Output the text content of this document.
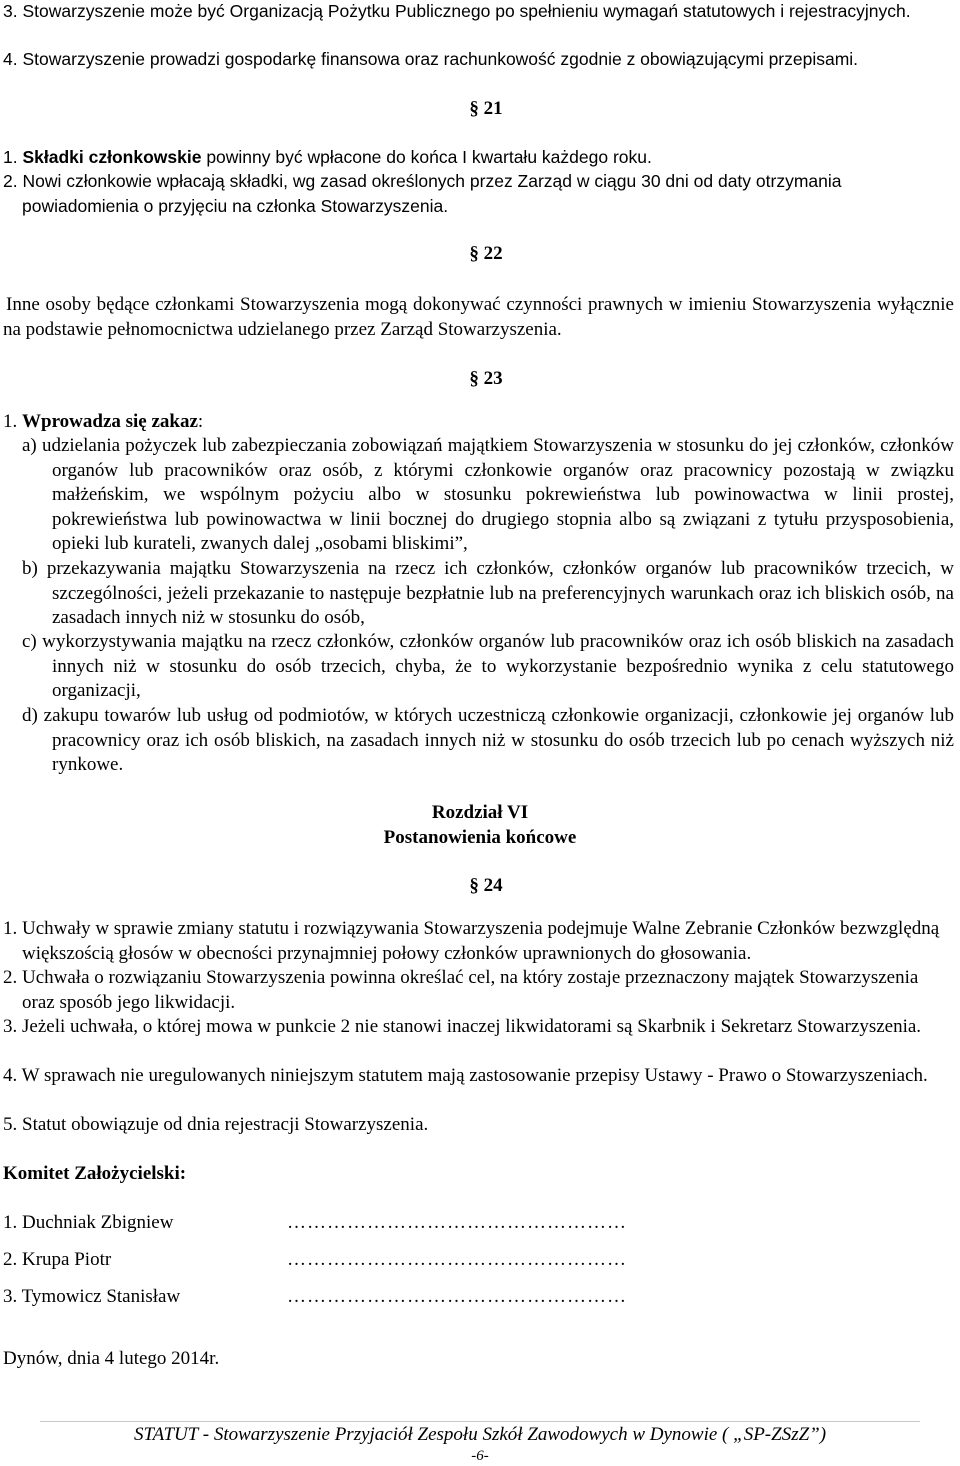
3. Stowarzyszenie może być Organizacją Pożytku Publicznego po spełnieniu wymagań statutowych i rejestracyjnych.
4. Stowarzyszenie prowadzi gospodarkę finansowa oraz rachunkowość zgodnie z obowiązującymi przepisami.
§ 21
1. Składki członkowskie powinny być wpłacone do końca I kwartału każdego roku.
2. Nowi członkowie wpłacają składki, wg zasad określonych przez Zarząd w ciągu 30 dni od daty otrzymania powiadomienia o przyjęciu na członka Stowarzyszenia.
§ 22
Inne osoby będące członkami Stowarzyszenia mogą dokonywać czynności prawnych w imieniu Stowarzyszenia wyłącznie na podstawie pełnomocnictwa udzielanego przez Zarząd Stowarzyszenia.
§ 23
1. Wprowadza się zakaz:
a) udzielania pożyczek lub zabezpieczania zobowiązań majątkiem Stowarzyszenia w stosunku do jej członków, członków organów lub pracowników oraz osób, z którymi członkowie organów oraz pracownicy pozostają w związku małżeńskim, we wspólnym pożyciu albo w stosunku pokrewieństwa lub powinowactwa w linii prostej, pokrewieństwa lub powinowactwa w linii bocznej do drugiego stopnia albo są związani z tytułu przysposobienia, opieki lub kurateli, zwanych dalej „osobami bliskimi”,
b) przekazywania majątku Stowarzyszenia na rzecz ich członków, członków organów lub pracowników trzecich, w szczególności, jeżeli przekazanie to następuje bezpłatnie lub na preferencyjnych warunkach oraz ich bliskich osób, na zasadach innych niż w stosunku do osób,
c) wykorzystywania majątku na rzecz członków, członków organów lub pracowników oraz ich osób bliskich na zasadach innych niż w stosunku do osób trzecich, chyba, że to wykorzystanie bezpośrednio wynika z celu statutowego organizacji,
d) zakupu towarów lub usług od podmiotów, w których uczestniczą członkowie organizacji, członkowie jej organów lub pracownicy oraz ich osób bliskich, na zasadach innych niż w stosunku do osób trzecich lub po cenach wyższych niż rynkowe.
Rozdział VI
Postanowienia końcowe
§ 24
1. Uchwały w sprawie zmiany statutu i rozwiązywania Stowarzyszenia podejmuje Walne Zebranie Członków bezwzględną większością głosów w obecności przynajmniej połowy członków uprawnionych do głosowania.
2. Uchwała o rozwiązaniu Stowarzyszenia powinna określać cel, na który zostaje przeznaczony majątek Stowarzyszenia oraz sposób jego likwidacji.
3. Jeżeli uchwała, o której mowa w punkcie 2 nie stanowi inaczej likwidatorami są Skarbnik i Sekretarz Stowarzyszenia.
4. W sprawach nie uregulowanych niniejszym statutem mają zastosowanie przepisy Ustawy - Prawo o Stowarzyszeniach.
5. Statut obowiązuje od dnia rejestracji Stowarzyszenia.
Komitet Założycielski:
1. Duchniak Zbigniew	……………………………………………
2. Krupa Piotr	……………………………………………
3. Tymowicz Stanisław	……………………………………………
Dynów, dnia 4 lutego 2014r.
STATUT - Stowarzyszenie Przyjaciół Zespołu Szkół Zawodowych w Dynowie ( „SP-ZSzZ”)
-6-
